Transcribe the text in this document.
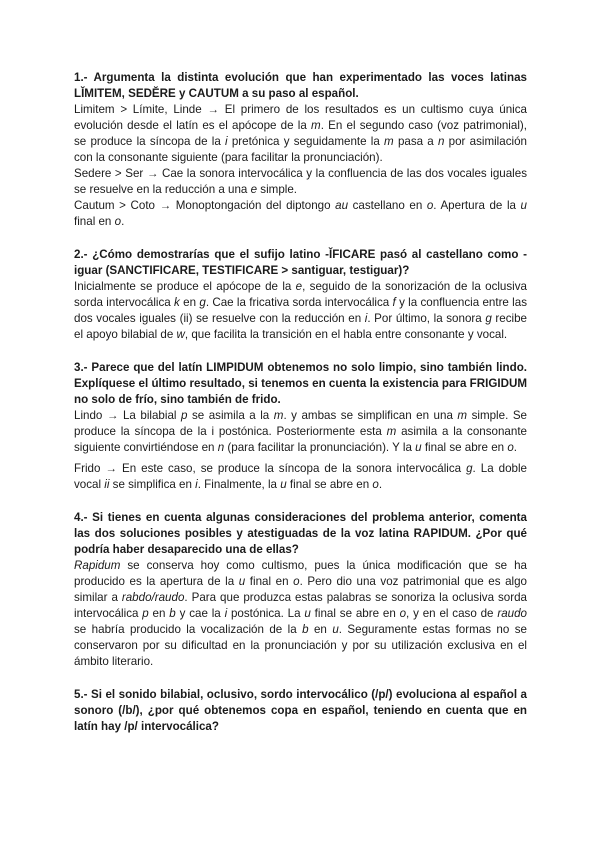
1.- Argumenta la distinta evolución que han experimentado las voces latinas LĬMITEM, SEDĔRE y CAUTUM a su paso al español.

Limitem > Límite, Linde → El primero de los resultados es un cultismo cuya única evolución desde el latín es el apócope de la m. En el segundo caso (voz patrimonial), se produce la síncopa de la i pretónica y seguidamente la m pasa a n por asimilación con la consonante siguiente (para facilitar la pronunciación).

Sedere > Ser → Cae la sonora intervocálica y la confluencia de las dos vocales iguales se resuelve en la reducción a una e simple.

Cautum > Coto → Monoptongación del diptongo au castellano en o. Apertura de la u final en o.

2.- ¿Cómo demostrarías que el sufijo latino -ĬFICARE pasó al castellano como -iguar (SANCTIFICARE, TESTIFICARE > santiguar, testiguar)?

Inicialmente se produce el apócope de la e, seguido de la sonorización de la oclusiva sorda intervocálica k en g. Cae la fricativa sorda intervocálica f y la confluencia entre las dos vocales iguales (ii) se resuelve con la reducción en i. Por último, la sonora g recibe el apoyo bilabial de w, que facilita la transición en el habla entre consonante y vocal.

3.- Parece que del latín LIMPIDUM obtenemos no solo limpio, sino también lindo. Explíquese el último resultado, si tenemos en cuenta la existencia para FRIGIDUM no solo de frío, sino también de frido.

Lindo → La bilabial p se asimila a la m. y ambas se simplifican en una m simple. Se produce la síncopa de la i postónica. Posteriormente esta m asimila a la consonante siguiente convirtiéndose en n (para facilitar la pronunciación). Y la u final se abre en o.

Frido → En este caso, se produce la síncopa de la sonora intervocálica g. La doble vocal ii se simplifica en i. Finalmente, la u final se abre en o.

4.- Si tienes en cuenta algunas consideraciones del problema anterior, comenta las dos soluciones posibles y atestiguadas de la voz latina RAPIDUM. ¿Por qué podría haber desaparecido una de ellas?

Rapidum se conserva hoy como cultismo, pues la única modificación que se ha producido es la apertura de la u final en o. Pero dio una voz patrimonial que es algo similar a rabdo/raudo. Para que produzca estas palabras se sonoriza la oclusiva sorda intervocálica p en b y cae la i postónica. La u final se abre en o, y en el caso de raudo se habría producido la vocalización de la b en u. Seguramente estas formas no se conservaron por su dificultad en la pronunciación y por su utilización exclusiva en el ámbito literario.

5.- Si el sonido bilabial, oclusivo, sordo intervocálico (/p/) evoluciona al español a sonoro (/b/), ¿por qué obtenemos copa en español, teniendo en cuenta que en latín hay /p/ intervocálica?
